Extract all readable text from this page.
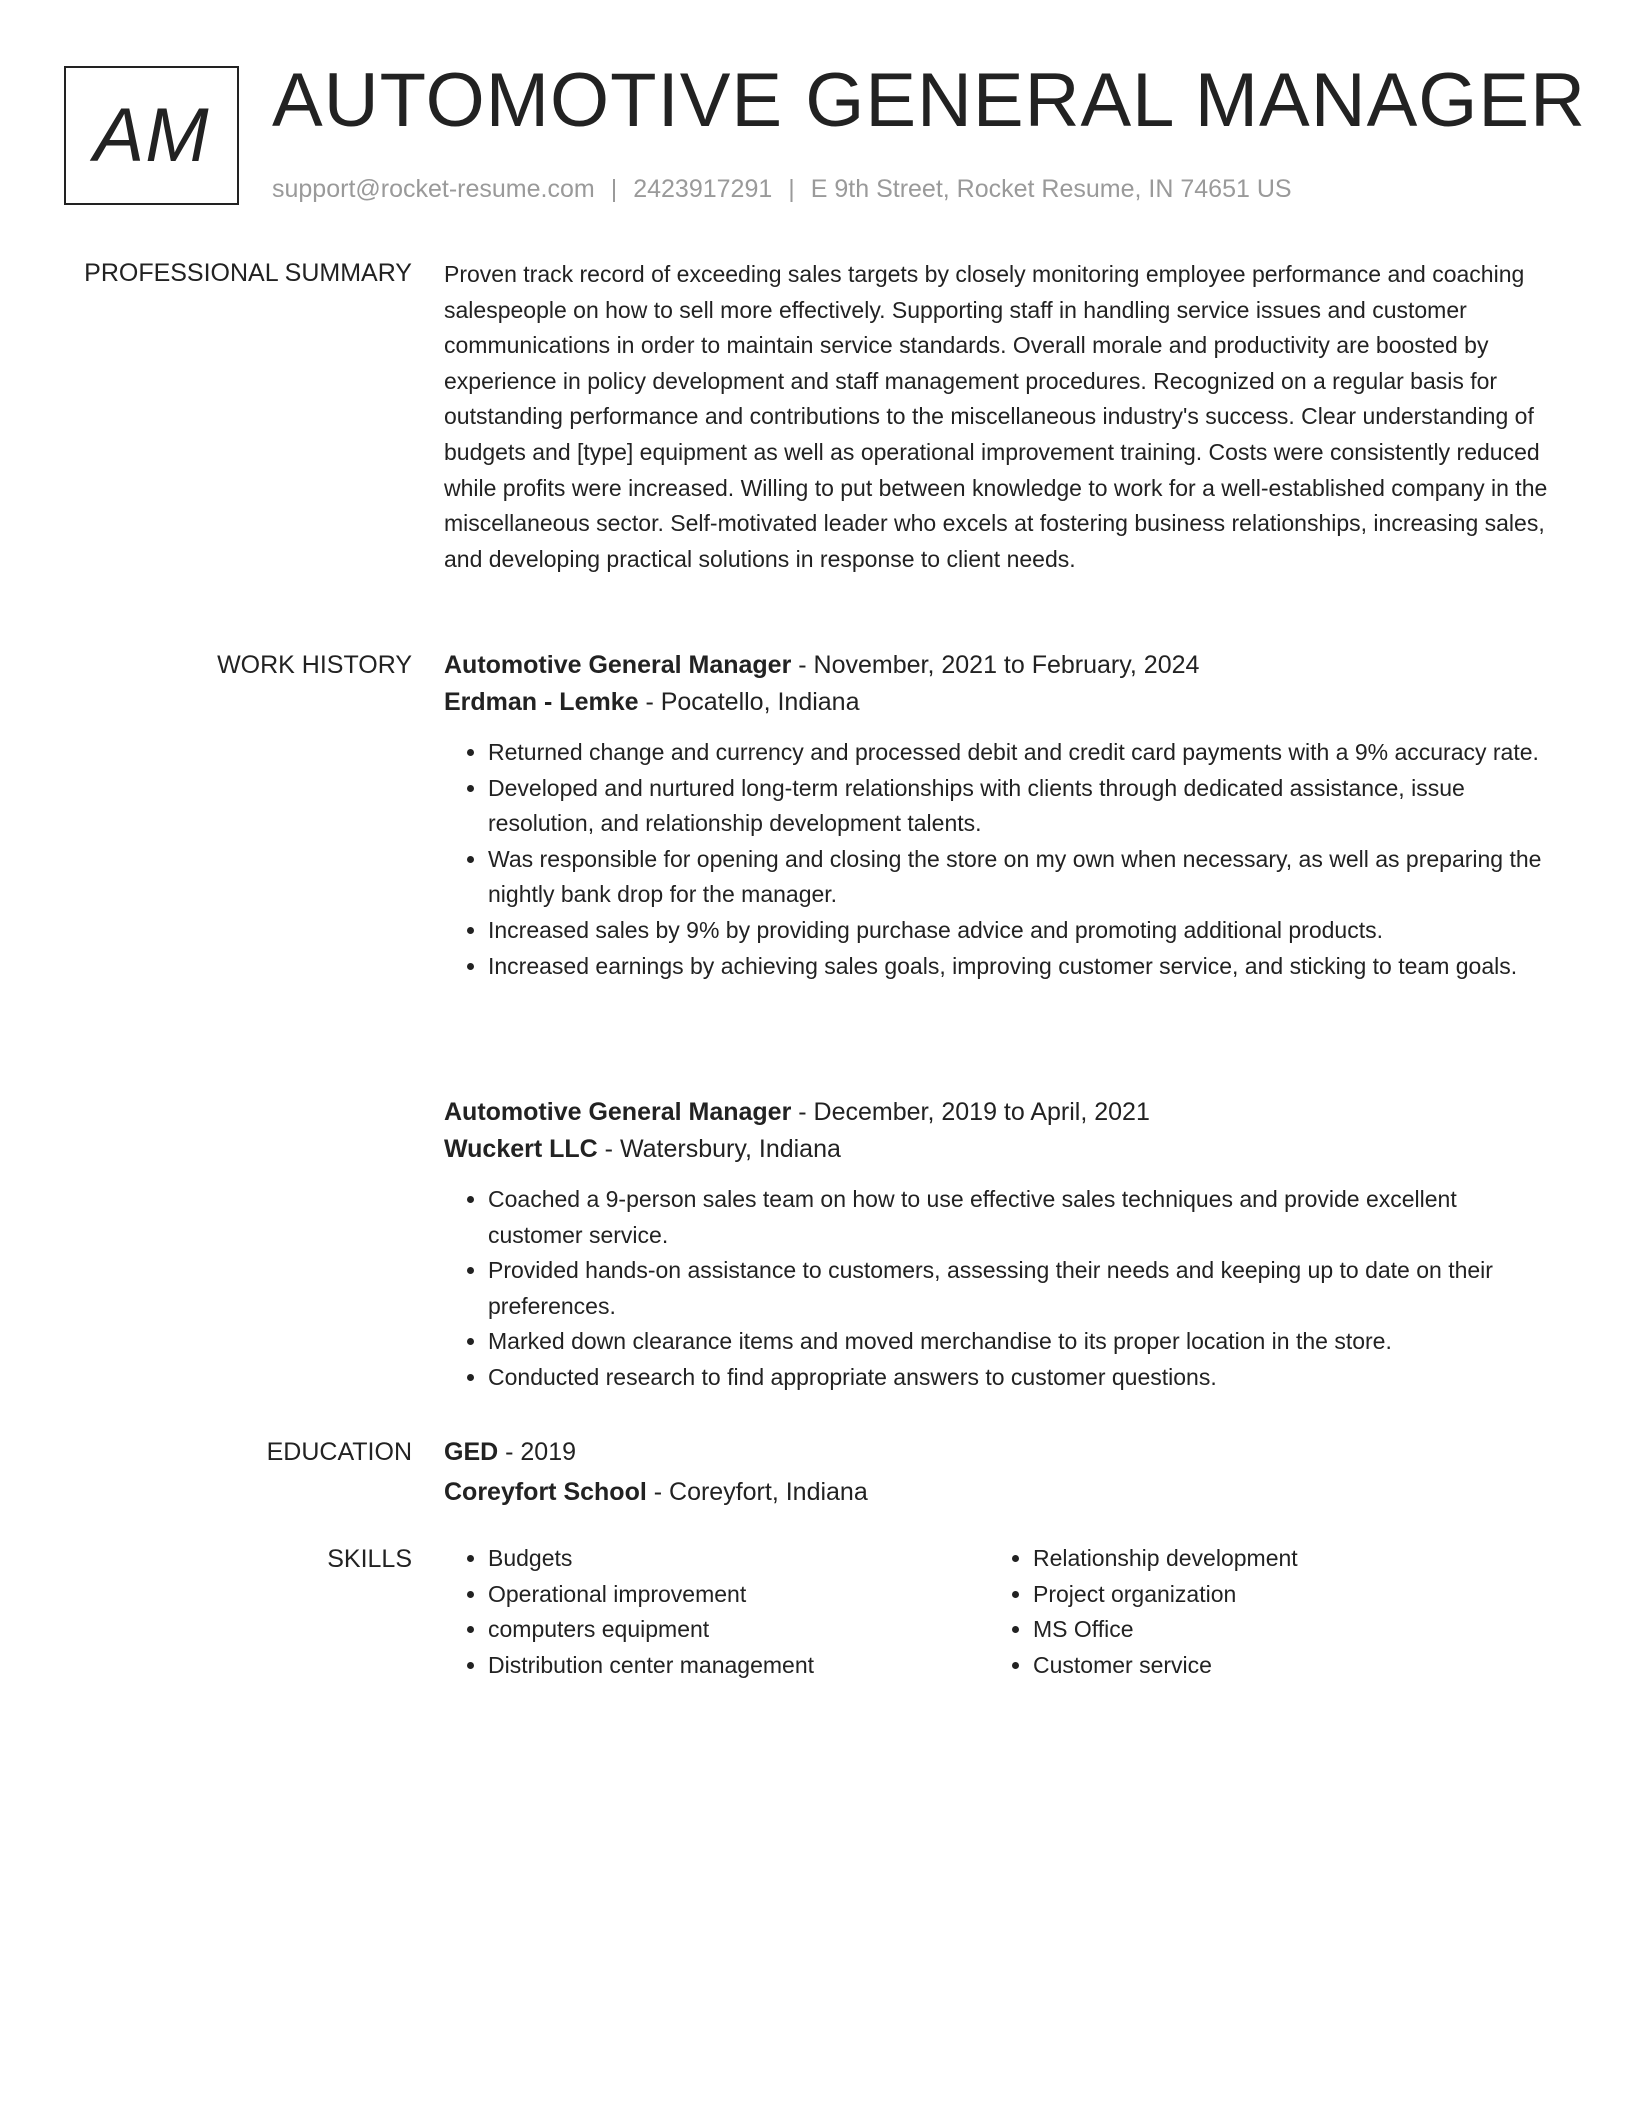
AM AUTOMOTIVE GENERAL MANAGER
support@rocket-resume.com | 2423917291 | E 9th Street, Rocket Resume, IN 74651 US
PROFESSIONAL SUMMARY Proven track record of exceeding sales targets by closely monitoring employee performance and coaching salespeople on how to sell more effectively. Supporting staff in handling service issues and customer communications in order to maintain service standards. Overall morale and productivity are boosted by experience in policy development and staff management procedures. Recognized on a regular basis for outstanding performance and contributions to the miscellaneous industry's success. Clear understanding of budgets and [type] equipment as well as operational improvement training. Costs were consistently reduced while profits were increased. Willing to put between knowledge to work for a well-established company in the miscellaneous sector. Self-motivated leader who excels at fostering business relationships, increasing sales, and developing practical solutions in response to client needs.

WORK HISTORY Automotive General Manager - November, 2021 to February, 2024
Erdman - Lemke - Pocatello, Indiana
• Returned change and currency and processed debit and credit card payments with a 9% accuracy rate.
• Developed and nurtured long-term relationships with clients through dedicated assistance, issue resolution, and relationship development talents.
• Was responsible for opening and closing the store on my own when necessary, as well as preparing the nightly bank drop for the manager.
• Increased sales by 9% by providing purchase advice and promoting additional products.
• Increased earnings by achieving sales goals, improving customer service, and sticking to team goals.
Automotive General Manager - December, 2019 to April, 2021
Wuckert LLC - Watersbury, Indiana
• Coached a 9-person sales team on how to use effective sales techniques and provide excellent customer service.
• Provided hands-on assistance to customers, assessing their needs and keeping up to date on their preferences.
• Marked down clearance items and moved merchandise to its proper location in the store.
• Conducted research to find appropriate answers to customer questions.
EDUCATION GED - 2019
Coreyfort School - Coreyfort, Indiana
SKILLS
•	Budgets
• Operational improvement
• computers equipment
• Distribution center management
• Relationship development
• Project organization
• MS Office
• Customer service
